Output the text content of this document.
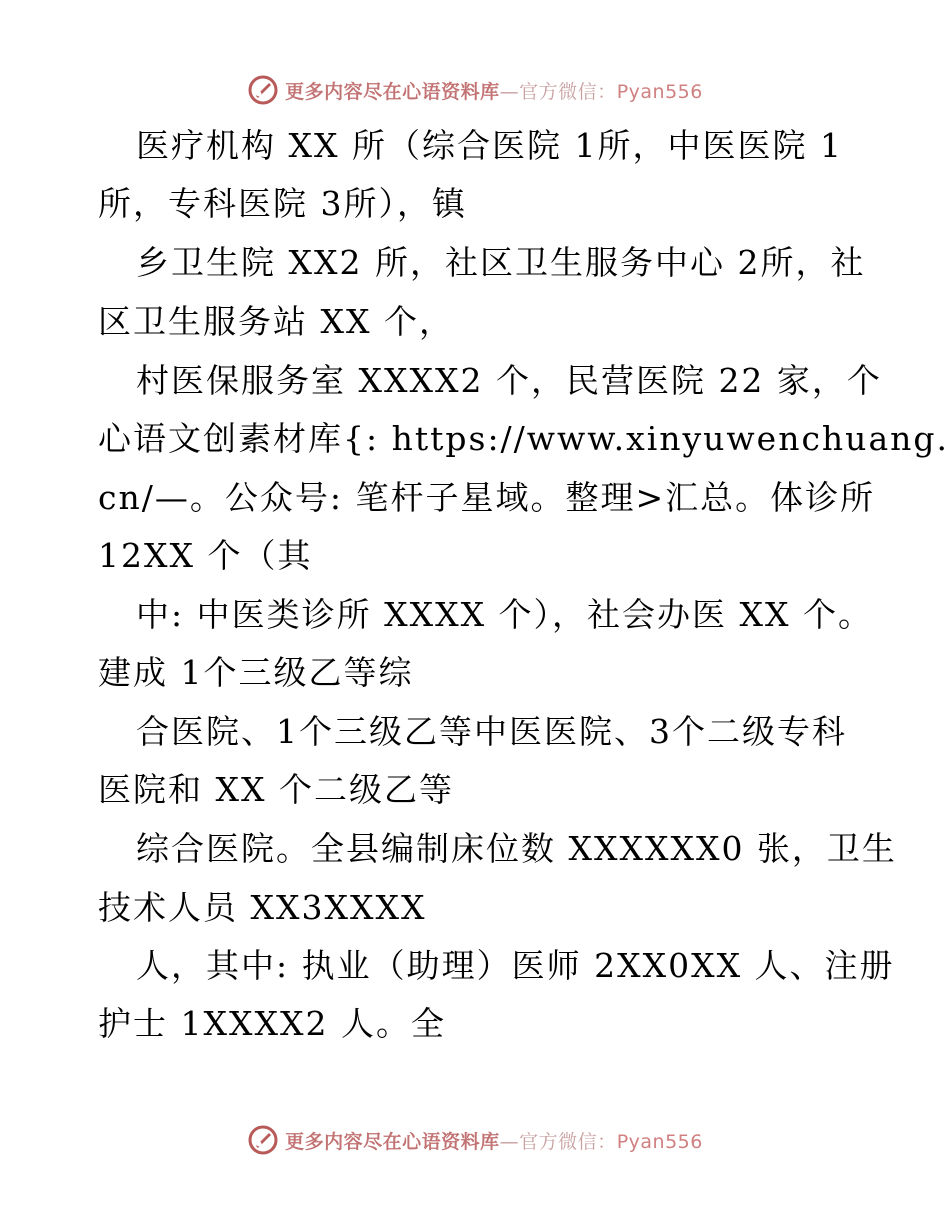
更多内容尽在心语资料库—官方微信：Pyan556
医疗机构 XX 所（综合医院 1所，中医医院 1
所，专科医院 3所），镇
乡卫生院 XX2 所，社区卫生服务中心 2所，社
区卫生服务站 XX 个，
村医保服务室 XXXX2 个，民营医院 22 家，个
心语文创素材库{: https://www.xinyuwenchuang.
cn/—。公众号: 笔杆子星域。整理>汇总。体诊所
12XX 个（其
中: 中医类诊所 XXXX 个），社会办医 XX 个。
建成 1个三级乙等综
合医院、1个三级乙等中医医院、3个二级专科
医院和 XX 个二级乙等
综合医院。全县编制床位数 XXXXXX0 张，卫生
技术人员 XX3XXXX
人，其中: 执业（助理）医师 2XX0XX 人、注册
护士 1XXXX2 人。全
更多内容尽在心语资料库—官方微信：Pyan556
